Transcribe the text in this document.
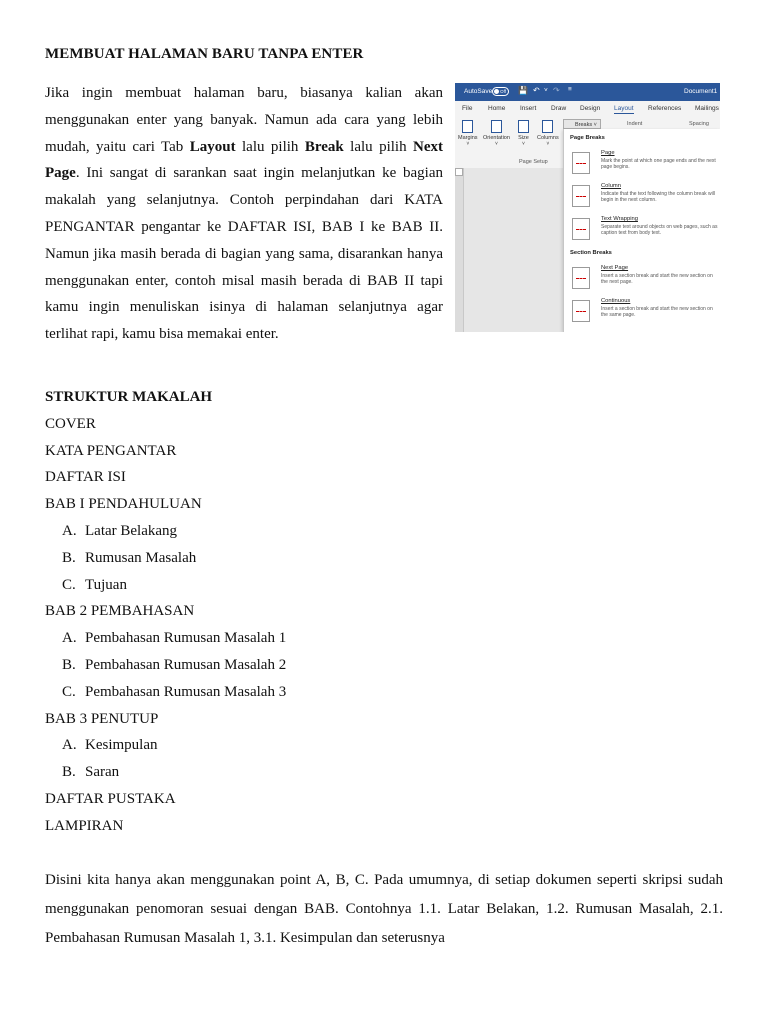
MEMBUAT HALAMAN BARU TANPA ENTER

Jika ingin membuat halaman baru, biasanya kalian akan menggunakan enter yang banyak. Namun ada cara yang lebih mudah, yaitu cari Tab Layout lalu pilih Break lalu pilih Next Page. Ini sangat di sarankan saat ingin melanjutkan ke bagian makalah yang selanjutnya. Contoh perpindahan dari KATA PENGANTAR pengantar ke DAFTAR ISI, BAB I ke BAB II. Namun jika masih berada di bagian yang sama, disarankan hanya menggunakan enter, contoh misal masih berada di BAB II tapi kamu ingin menuliskan isinya di halaman selanjutnya agar terlihat rapi, kamu bisa memakai enter.

AutoSave	Off	💾 ↶ ˅ ↷ ≡	Document1
File Home Insert Draw Design Layout References Mailings
Margins
˅
Orientation
˅
Size
˅
Columns
˅
Breaks ˅	Indent	Spacing
Page Setup
Page Breaks
Page
Mark the point at which one page ends and the next page begins.
Column
Indicate that the text following the column break will begin in the next column.
Text Wrapping
Separate text around objects on web pages, such as caption text from body text.
Section Breaks
Next Page
Insert a section break and start the new section on the next page.
Continuous
Insert a section break and start the new section on the same page.
STRUKTUR MAKALAH
COVER
KATA PENGANTAR
DAFTAR ISI
BAB I PENDAHULUAN
A. Latar Belakang
B. Rumusan Masalah
C. Tujuan
BAB 2 PEMBAHASAN
A. Pembahasan Rumusan Masalah 1
B. Pembahasan Rumusan Masalah 2
C. Pembahasan Rumusan Masalah 3
BAB 3 PENUTUP
A. Kesimpulan
B. Saran
DAFTAR PUSTAKA
LAMPIRAN

Disini kita hanya akan menggunakan point A, B, C. Pada umumnya, di setiap dokumen seperti skripsi sudah menggunakan penomoran sesuai dengan BAB. Contohnya 1.1. Latar Belakan, 1.2. Rumusan Masalah, 2.1. Pembahasan Rumusan Masalah 1, 3.1. Kesimpulan dan seterusnya
